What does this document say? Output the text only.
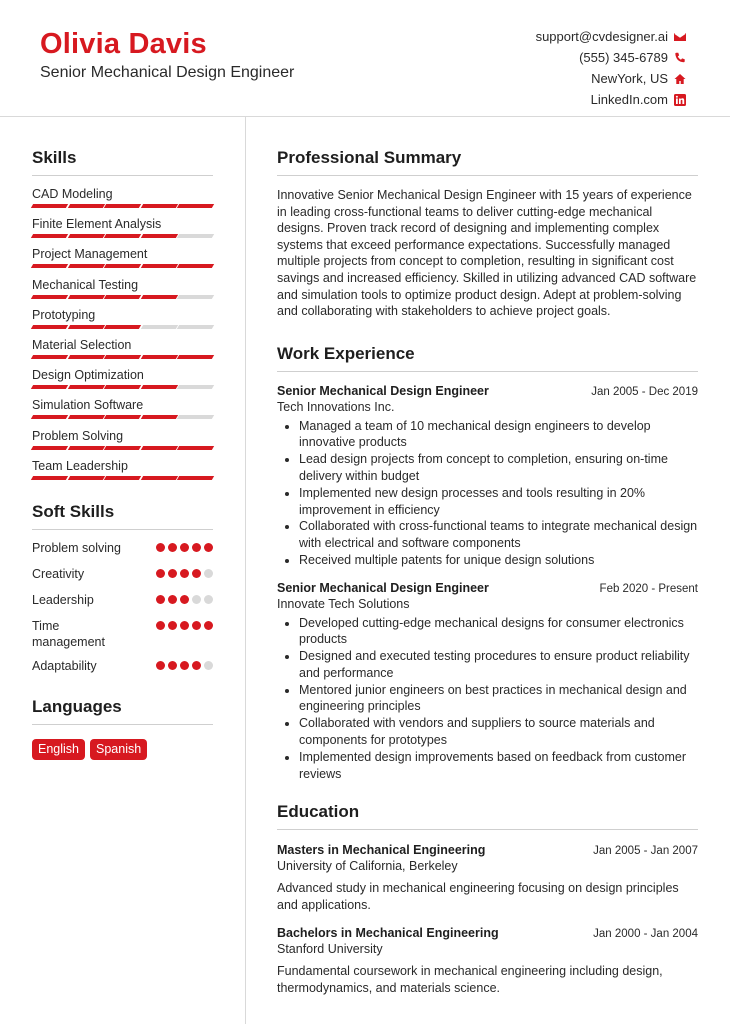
Olivia Davis
Senior Mechanical Design Engineer
support@cvdesigner.ai
(555) 345-6789
NewYork, US
LinkedIn.com
Skills
CAD Modeling
Finite Element Analysis
Project Management
Mechanical Testing
Prototyping
Material Selection
Design Optimization
Simulation Software
Problem Solving
Team Leadership
Soft Skills
Problem solving
Creativity
Leadership
Time management
Adaptability
Languages
English	Spanish
Professional Summary
Innovative Senior Mechanical Design Engineer with 15 years of experience in leading cross-functional teams to deliver cutting-edge mechanical designs. Proven track record of designing and implementing complex systems that exceed performance expectations. Successfully managed multiple projects from concept to completion, resulting in significant cost savings and increased efficiency. Skilled in utilizing advanced CAD software and simulation tools to optimize product design. Adept at problem-solving and collaborating with stakeholders to achieve project goals.
Work Experience
Senior Mechanical Design Engineer	Jan 2005 - Dec 2019
Tech Innovations Inc.
• Managed a team of 10 mechanical design engineers to develop innovative products
• Lead design projects from concept to completion, ensuring on-time delivery within budget
• Implemented new design processes and tools resulting in 20% improvement in efficiency
• Collaborated with cross-functional teams to integrate mechanical design with electrical and software components
• Received multiple patents for unique design solutions
Senior Mechanical Design Engineer	Feb 2020 - Present
Innovate Tech Solutions
• Developed cutting-edge mechanical designs for consumer electronics products
• Designed and executed testing procedures to ensure product reliability and performance
• Mentored junior engineers on best practices in mechanical design and engineering principles
• Collaborated with vendors and suppliers to source materials and components for prototypes
• Implemented design improvements based on feedback from customer reviews
Education
Masters in Mechanical Engineering	Jan 2005 - Jan 2007
University of California, Berkeley
Advanced study in mechanical engineering focusing on design principles and applications.
Bachelors in Mechanical Engineering	Jan 2000 - Jan 2004
Stanford University
Fundamental coursework in mechanical engineering including design, thermodynamics, and materials science.
